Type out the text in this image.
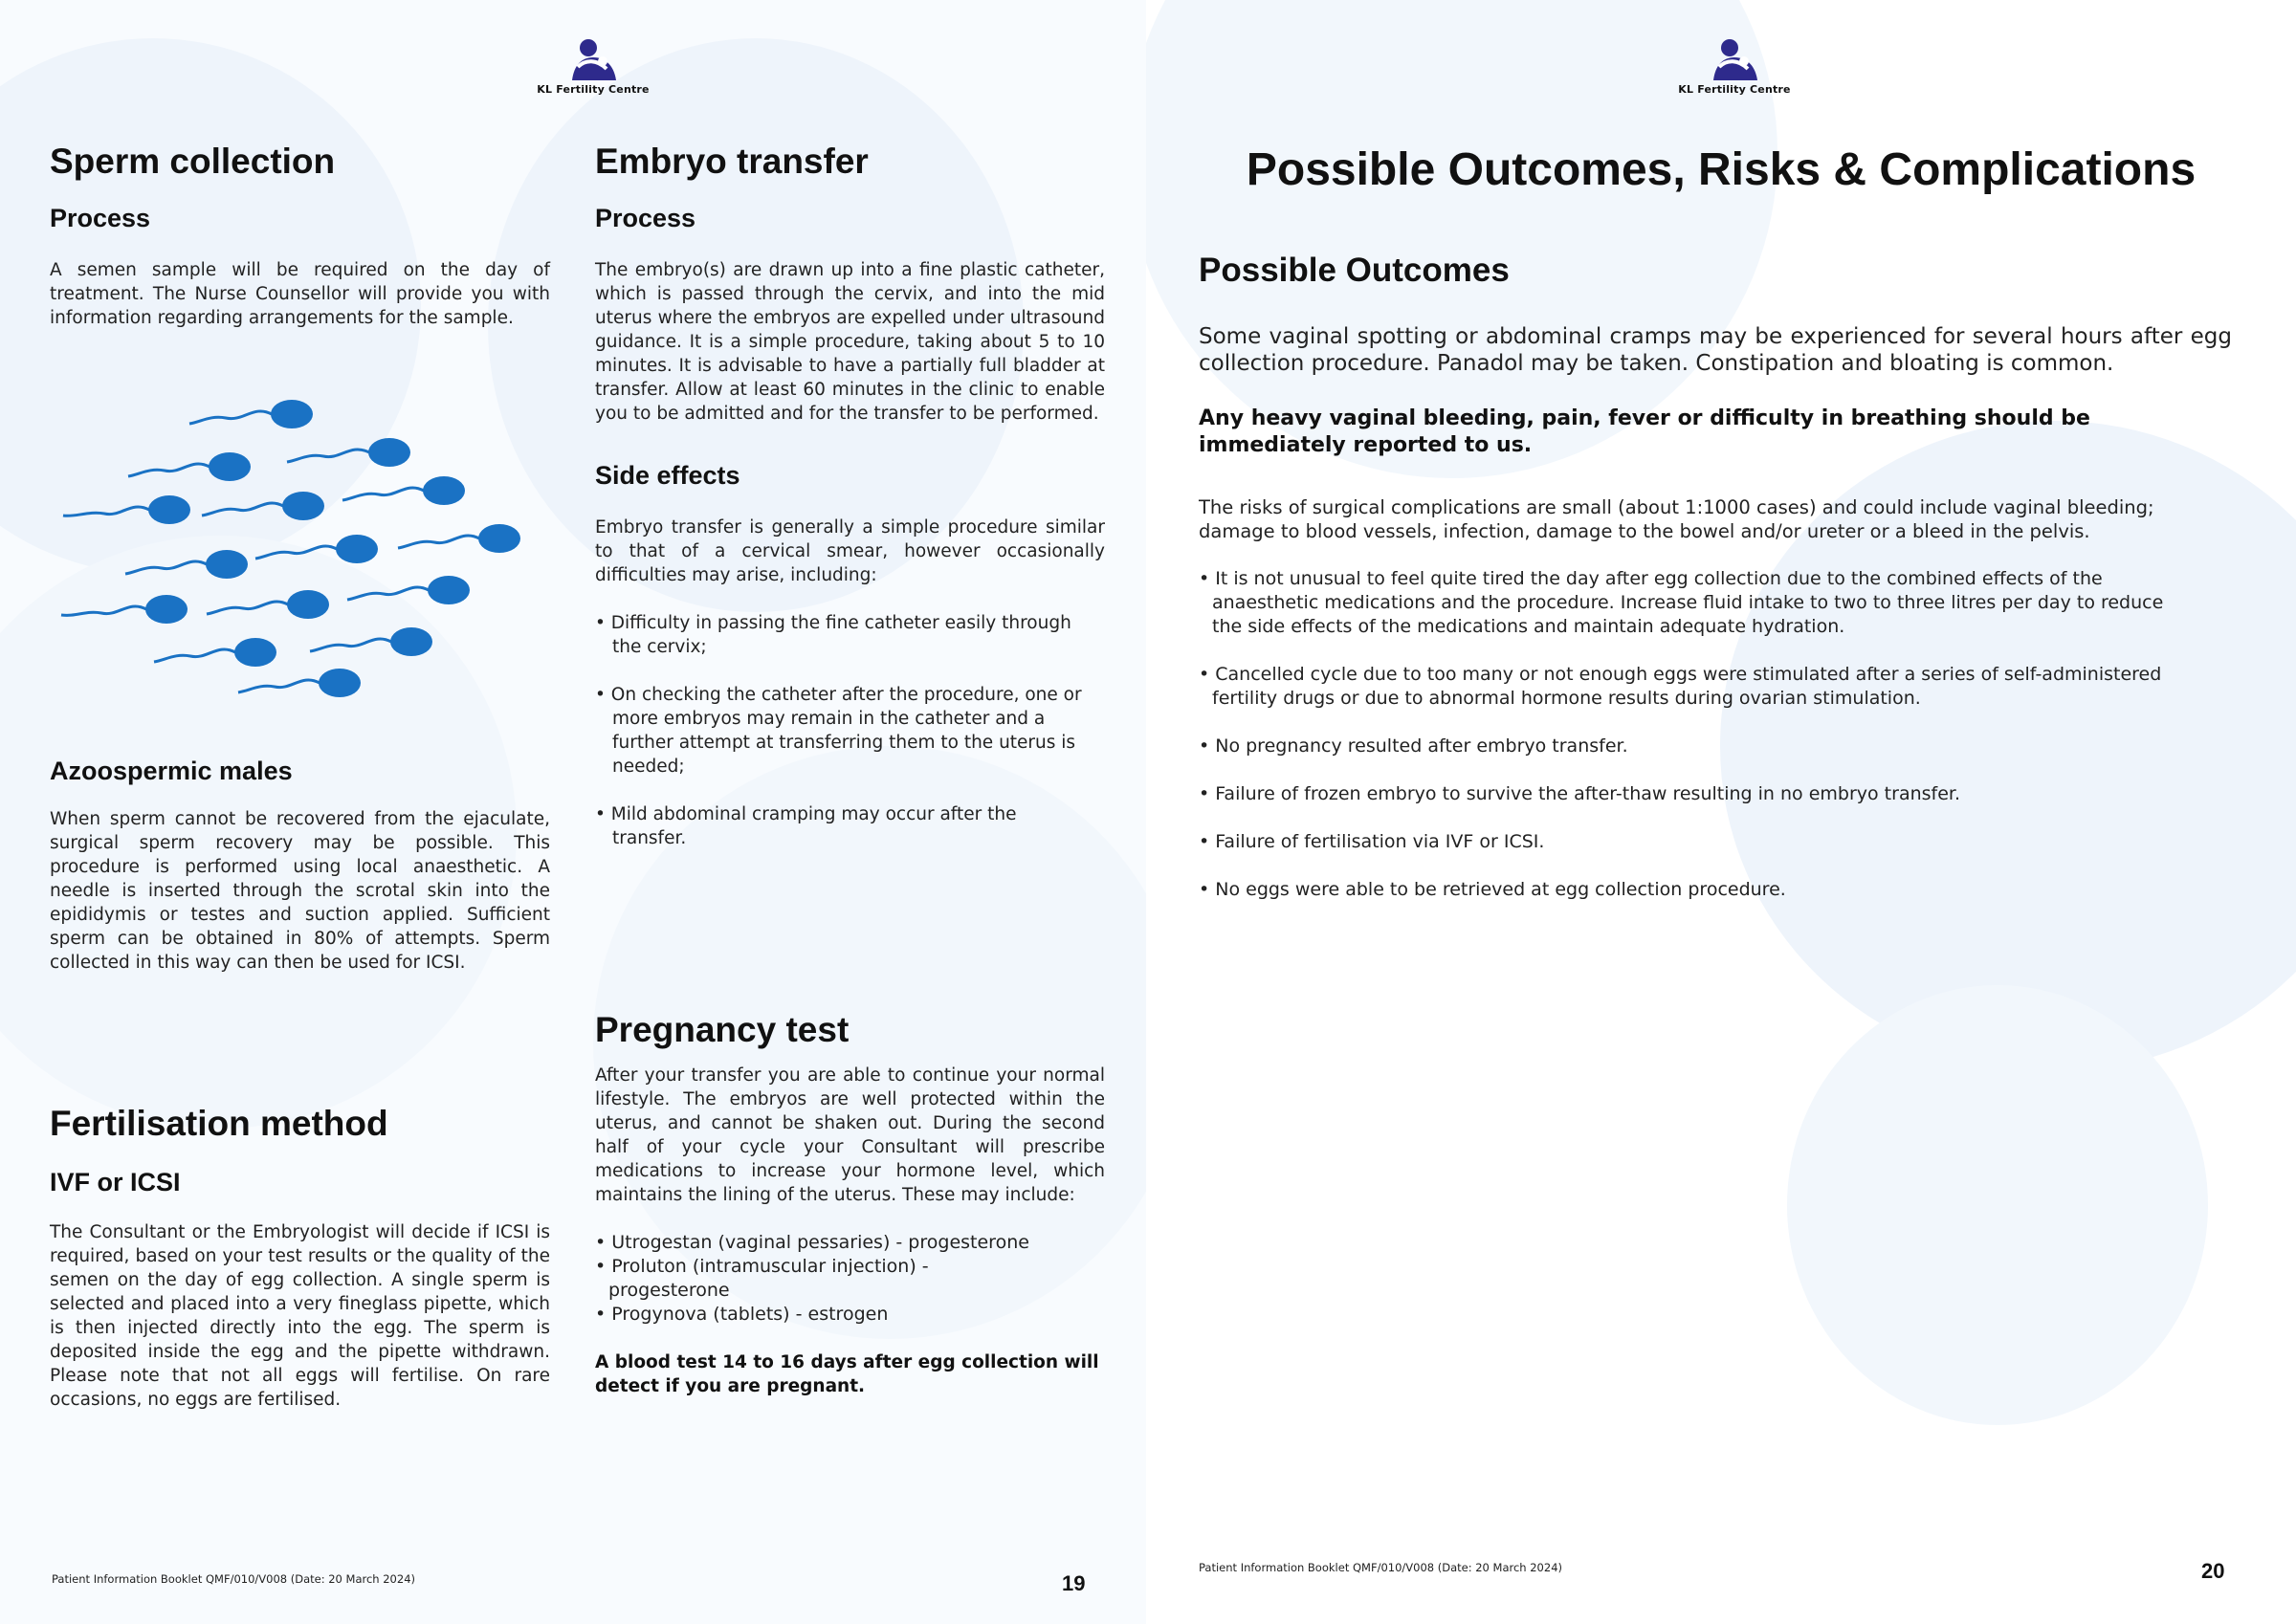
KL Fertility Centre
Sperm collection
Process
A semen sample will be required on the day of treatment. The Nurse Counsellor will provide you with information regarding arrangements for the sample.
Azoospermic males
When sperm cannot be recovered from the ejaculate, surgical sperm recovery may be possible. This procedure is performed using local anaesthetic. A needle is inserted through the scrotal skin into the epididymis or testes and suction applied. Sufficient sperm can be obtained in 80% of attempts. Sperm collected in this way can then be used for ICSI.
Fertilisation method
IVF or ICSI
The Consultant or the Embryologist will decide if ICSI is required, based on your test results or the quality of the semen on the day of egg collection. A single sperm is selected and placed into a very fineglass pipette, which is then injected directly into the egg. The sperm is deposited inside the egg and the pipette withdrawn. Please note that not all eggs will fertilise. On rare occasions, no eggs are fertilised.
Embryo transfer
Process
The embryo(s) are drawn up into a fine plastic catheter, which is passed through the cervix, and into the mid uterus where the embryos are expelled under ultrasound guidance. It is a simple procedure, taking about 5 to 10 minutes. It is advisable to have a partially full bladder at transfer. Allow at least 60 minutes in the clinic to enable you to be admitted and for the transfer to be performed.
Side effects
Embryo transfer is generally a simple procedure similar to that of a cervical smear, however occasionally difficulties may arise, including:
• Difficulty in passing the fine catheter easily through the cervix;
• On checking the catheter after the procedure, one or more embryos may remain in the catheter and a further attempt at transferring them to the uterus is needed;
• Mild abdominal cramping may occur after the transfer.
Pregnancy test
After your transfer you are able to continue your normal lifestyle. The embryos are well protected within the uterus, and cannot be shaken out. During the second half of your cycle your Consultant will prescribe medications to increase your hormone level, which maintains the lining of the uterus. These may include:
• Utrogestan (vaginal pessaries) - progesterone
• Proluton (intramuscular injection) - progesterone
• Progynova (tablets) - estrogen
A blood test 14 to 16 days after egg collection will detect if you are pregnant.
Patient Information Booklet QMF/010/V008 (Date: 20 March 2024)	19
KL Fertility Centre
Possible Outcomes, Risks & Complications
Possible Outcomes
Some vaginal spotting or abdominal cramps may be experienced for several hours after egg collection procedure. Panadol may be taken. Constipation and bloating is common.
Any heavy vaginal bleeding, pain, fever or difficulty in breathing should be immediately reported to us.
The risks of surgical complications are small (about 1:1000 cases) and could include vaginal bleeding; damage to blood vessels, infection, damage to the bowel and/or ureter or a bleed in the pelvis.
• It is not unusual to feel quite tired the day after egg collection due to the combined effects of the anaesthetic medications and the procedure. Increase fluid intake to two to three litres per day to reduce the side effects of the medications and maintain adequate hydration.
• Cancelled cycle due to too many or not enough eggs were stimulated after a series of self-administered fertility drugs or due to abnormal hormone results during ovarian stimulation.
• No pregnancy resulted after embryo transfer.
• Failure of frozen embryo to survive the after-thaw resulting in no embryo transfer.
• Failure of fertilisation via IVF or ICSI.
• No eggs were able to be retrieved at egg collection procedure.
Patient Information Booklet QMF/010/V008 (Date: 20 March 2024)	20
